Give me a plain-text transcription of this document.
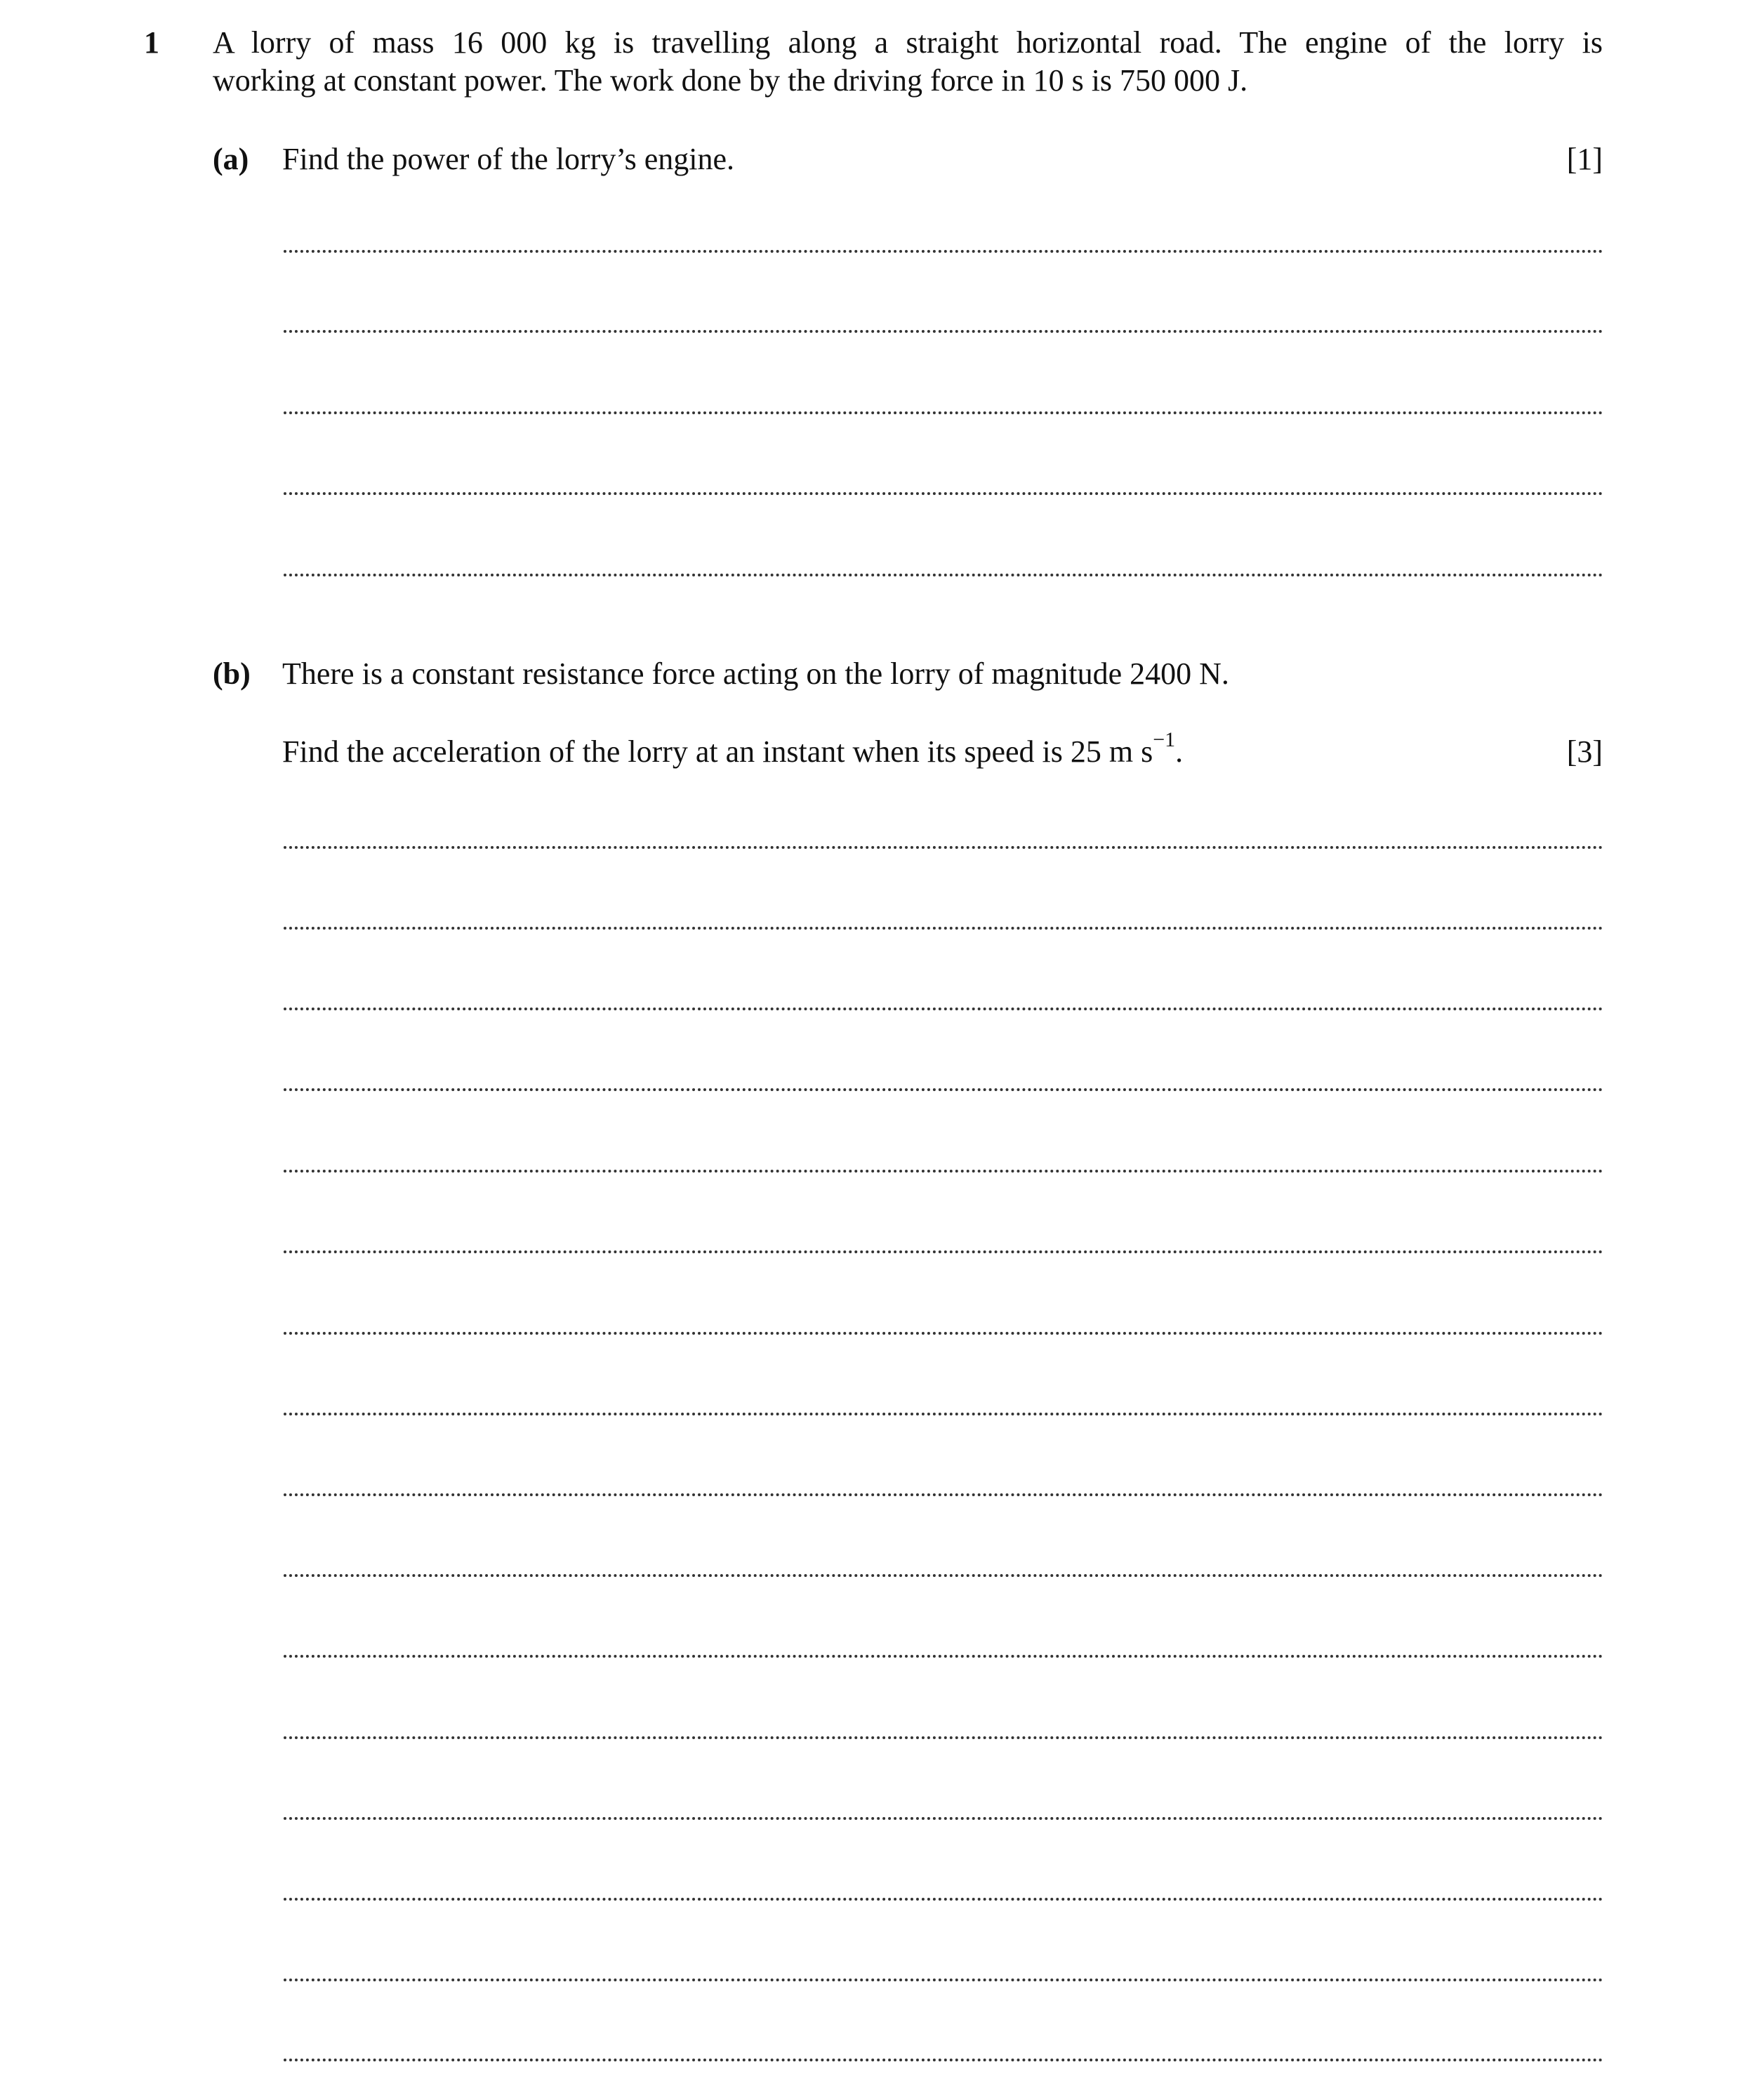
1 A lorry of mass 16 000 kg is travelling along a straight horizontal road. The engine of the lorry is
working at constant power. The work done by the driving force in 10 s is 750 000 J.
(a) Find the power of the lorry’s engine.	[1]
(b) There is a constant resistance force acting on the lorry of magnitude 2400 N.
Find the acceleration of the lorry at an instant when its speed is 25 m $s^{-1}$.	[3]
